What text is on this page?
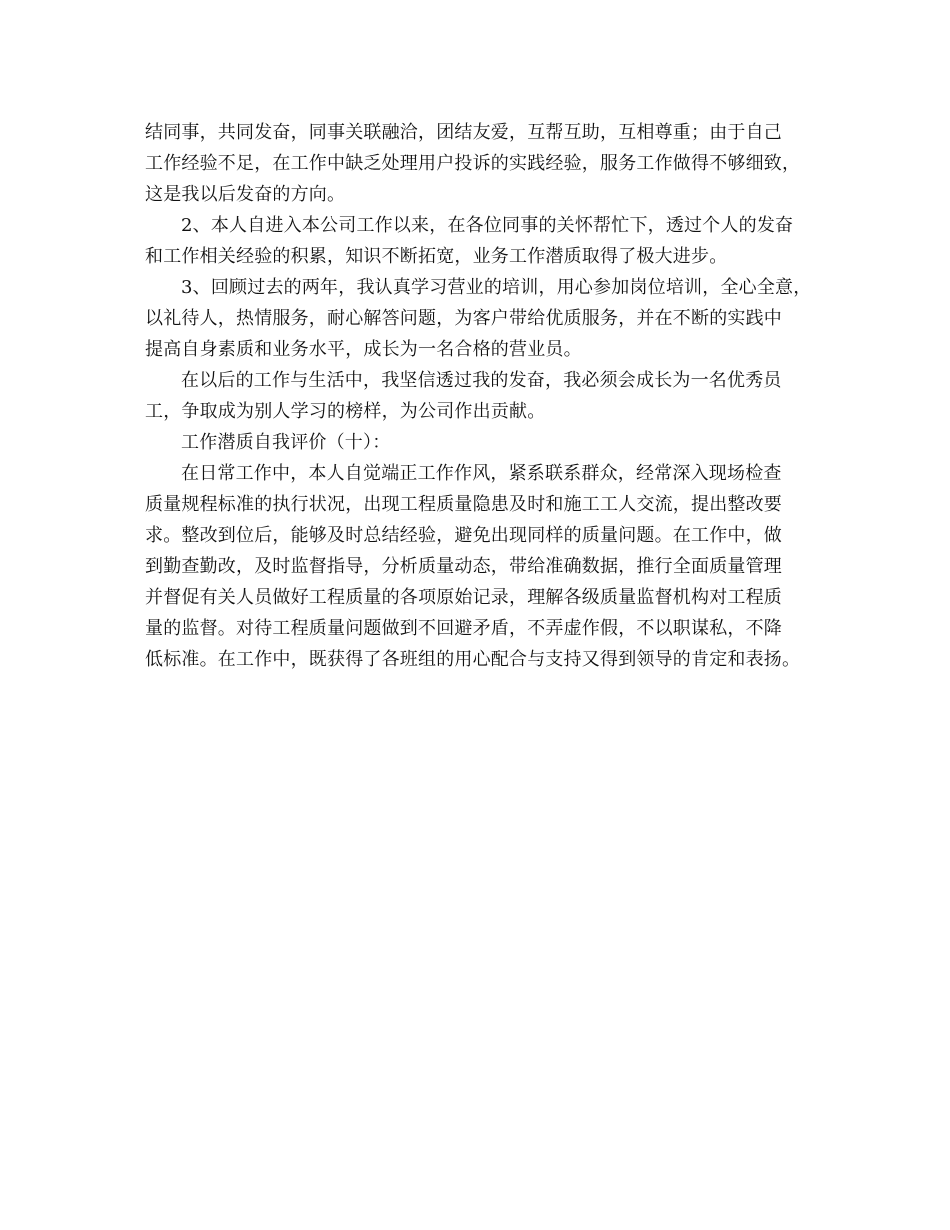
结同事，共同发奋，同事关联融洽，团结友爱，互帮互助，互相尊重；由于自己
工作经验不足，在工作中缺乏处理用户投诉的实践经验，服务工作做得不够细致，
这是我以后发奋的方向。
2、本人自进入本公司工作以来，在各位同事的关怀帮忙下，透过个人的发奋
和工作相关经验的积累，知识不断拓宽，业务工作潜质取得了极大进步。
3、回顾过去的两年，我认真学习营业的培训，用心参加岗位培训，全心全意，
以礼待人，热情服务，耐心解答问题，为客户带给优质服务，并在不断的实践中
提高自身素质和业务水平，成长为一名合格的营业员。
在以后的工作与生活中，我坚信透过我的发奋，我必须会成长为一名优秀员
工，争取成为别人学习的榜样，为公司作出贡献。
工作潜质自我评价（十）：
在日常工作中，本人自觉端正工作作风，紧系联系群众，经常深入现场检查
质量规程标准的执行状况，出现工程质量隐患及时和施工工人交流，提出整改要
求。整改到位后，能够及时总结经验，避免出现同样的质量问题。在工作中，做
到勤查勤改，及时监督指导，分析质量动态，带给准确数据，推行全面质量管理
并督促有关人员做好工程质量的各项原始记录，理解各级质量监督机构对工程质
量的监督。对待工程质量问题做到不回避矛盾，不弄虚作假，不以职谋私，不降
低标准。在工作中，既获得了各班组的用心配合与支持又得到领导的肯定和表扬。
